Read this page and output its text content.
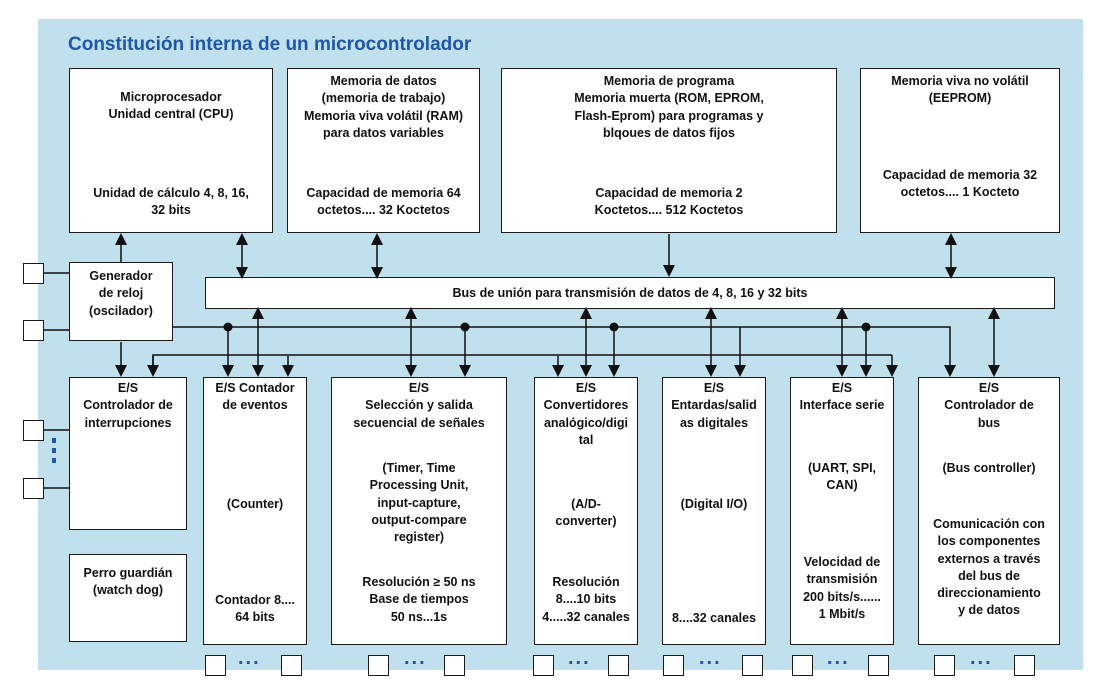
Constitución interna de un microcontrolador
Microprocesador
Unidad central (CPU)
Unidad de cálculo 4, 8, 16,
32 bits
Memoria de datos
(memoria de trabajo)
Memoria viva volátil (RAM)
para datos variables
Capacidad de memoria 64
octetos.... 32 Koctetos
Memoria de programa
Memoria muerta (ROM, EPROM,
Flash-Eprom) para programas y
blqoues de datos fijos
Capacidad de memoria 2
Koctetos.... 512 Koctetos
Memoria viva no volátil
(EEPROM)
Capacidad de memoria 32
octetos.... 1 Kocteto
Generador
de reloj
(oscilador)
Bus de unión para transmisión de datos de 4, 8, 16 y 32 bits
E/S
Controlador de
interrupciones
E/S Contador
de eventos
(Counter)
Contador 8....
64 bits
E/S
Selección y salida
secuencial de señales
(Timer, Time
Processing Unit,
input-capture,
output-compare
register)
Resolución ≥ 50 ns
Base de tiempos
50 ns...1s
E/S
Convertidores
analógico/digi
tal
(A/D-
converter)
Resolución
8....10 bits
4.....32 canales
E/S
Entardas/salid
as digitales
(Digital I/O)
8....32 canales
E/S
Interface serie
(UART, SPI,
CAN)
Velocidad de
transmisión
200 bits/s......
1 Mbit/s
E/S
Controlador de
bus
(Bus controller)
Comunicación con
los componentes
externos a través
del bus de
direccionamiento
y de datos
Perro guardián
(watch dog)
...	...	...	...	...	...
